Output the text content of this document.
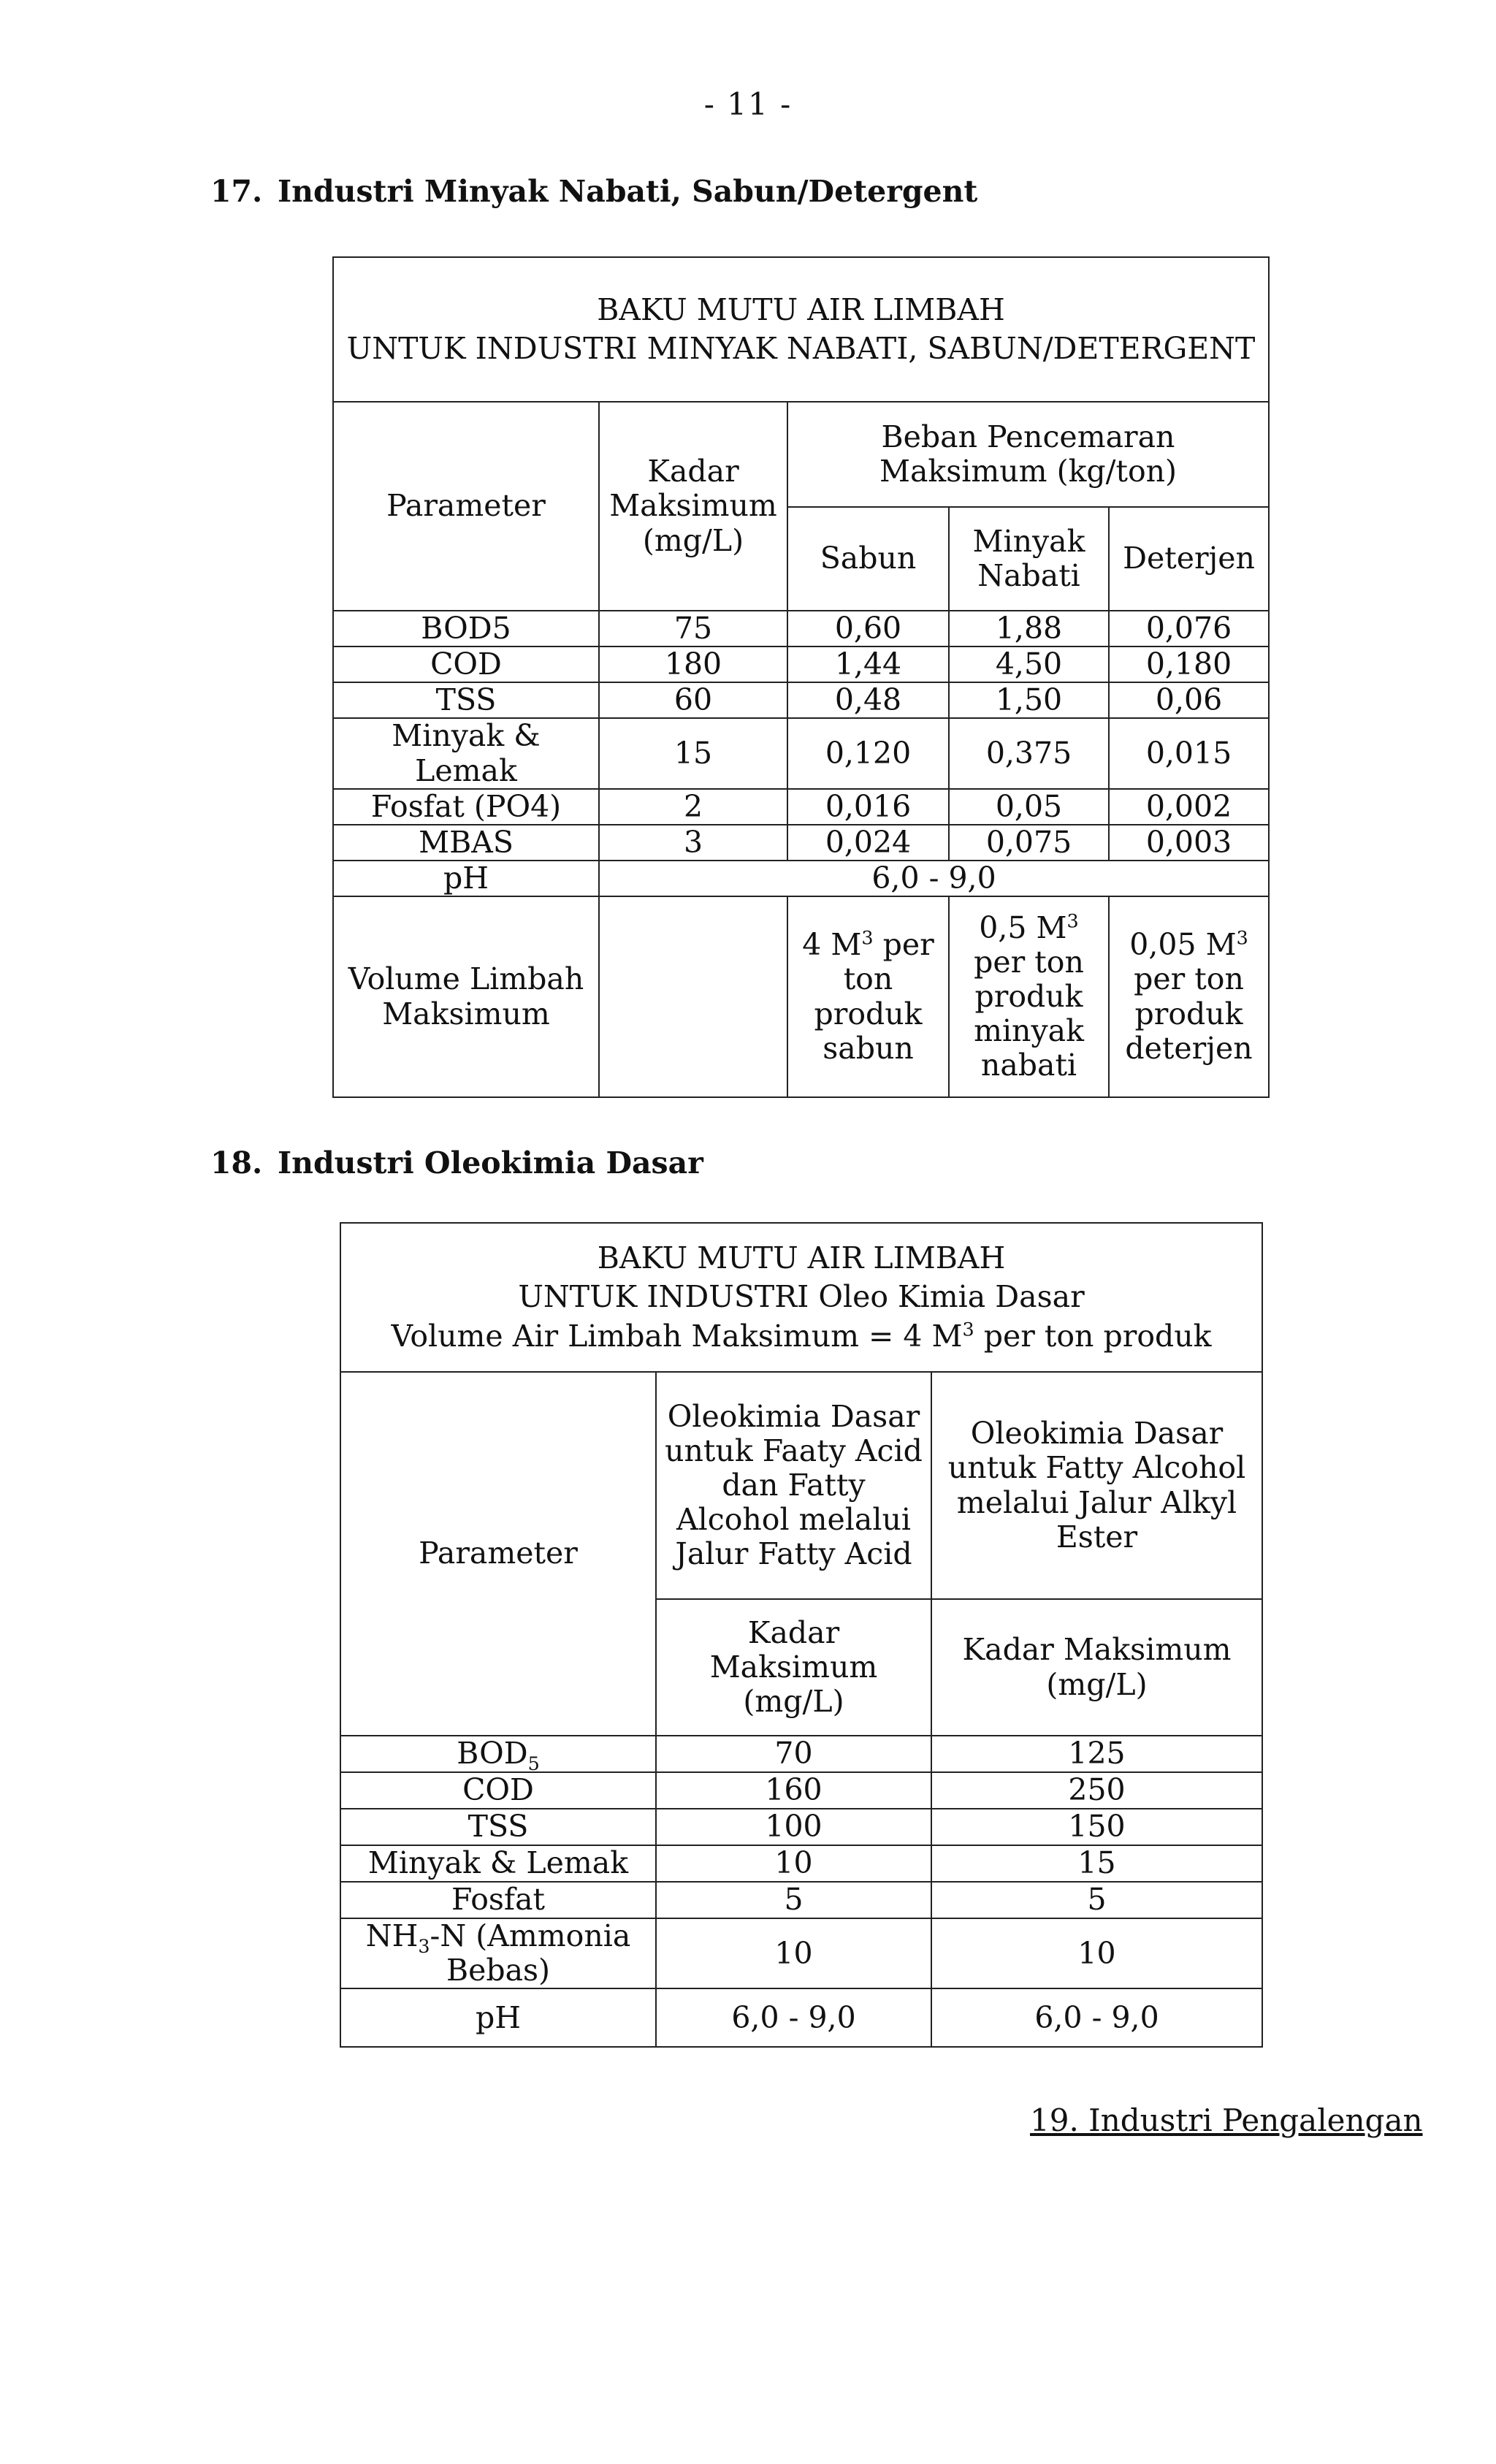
- 11 -
17. Industri Minyak Nabati, Sabun/Detergent
BAKU MUTU AIR LIMBAH
UNTUK INDUSTRI MINYAK NABATI, SABUN/DETERGENT				

Parameter	Kadar Maksimum (mg/L)	Beban Pencemaran Maksimum (kg/ton)		
		Sabun	Minyak Nabati	Deterjen
BOD5	75	0,60	1,88	0,076
COD	180	1,44	4,50	0,180
TSS	60	0,48	1,50	0,06
Minyak & Lemak	15	0,120	0,375	0,015
Fosfat (PO4)	2	0,016	0,05	0,002
MBAS	3	0,024	0,075	0,003
pH	6,0 - 9,0			
Volume Limbah Maksimum		4 $M^3$ per ton produk sabun	0,5 $M^3$ per ton produk minyak nabati	0,05 $M^3$ per ton produk deterjen
18. Industri Oleokimia Dasar
BAKU MUTU AIR LIMBAH
UNTUK INDUSTRI Oleo Kimia Dasar
Volume Air Limbah Maksimum = 4 $M^3$ per ton produk		

Parameter	Oleokimia Dasar untuk Faaty Acid dan Fatty Alcohol melalui Jalur Fatty Acid	Oleokimia Dasar untuk Fatty Alcohol melalui Jalur Alkyl Ester
	Kadar Maksimum (mg/L)	Kadar Maksimum (mg/L)
$BOD_5$	70	125
COD	160	250
TSS	100	150
Minyak & Lemak	10	15
Fosfat	5	5
$NH_3-N$ (Ammonia Bebas)	10	10
pH	6,0 - 9,0	6,0 - 9,0
19. Industri Pengalengan
